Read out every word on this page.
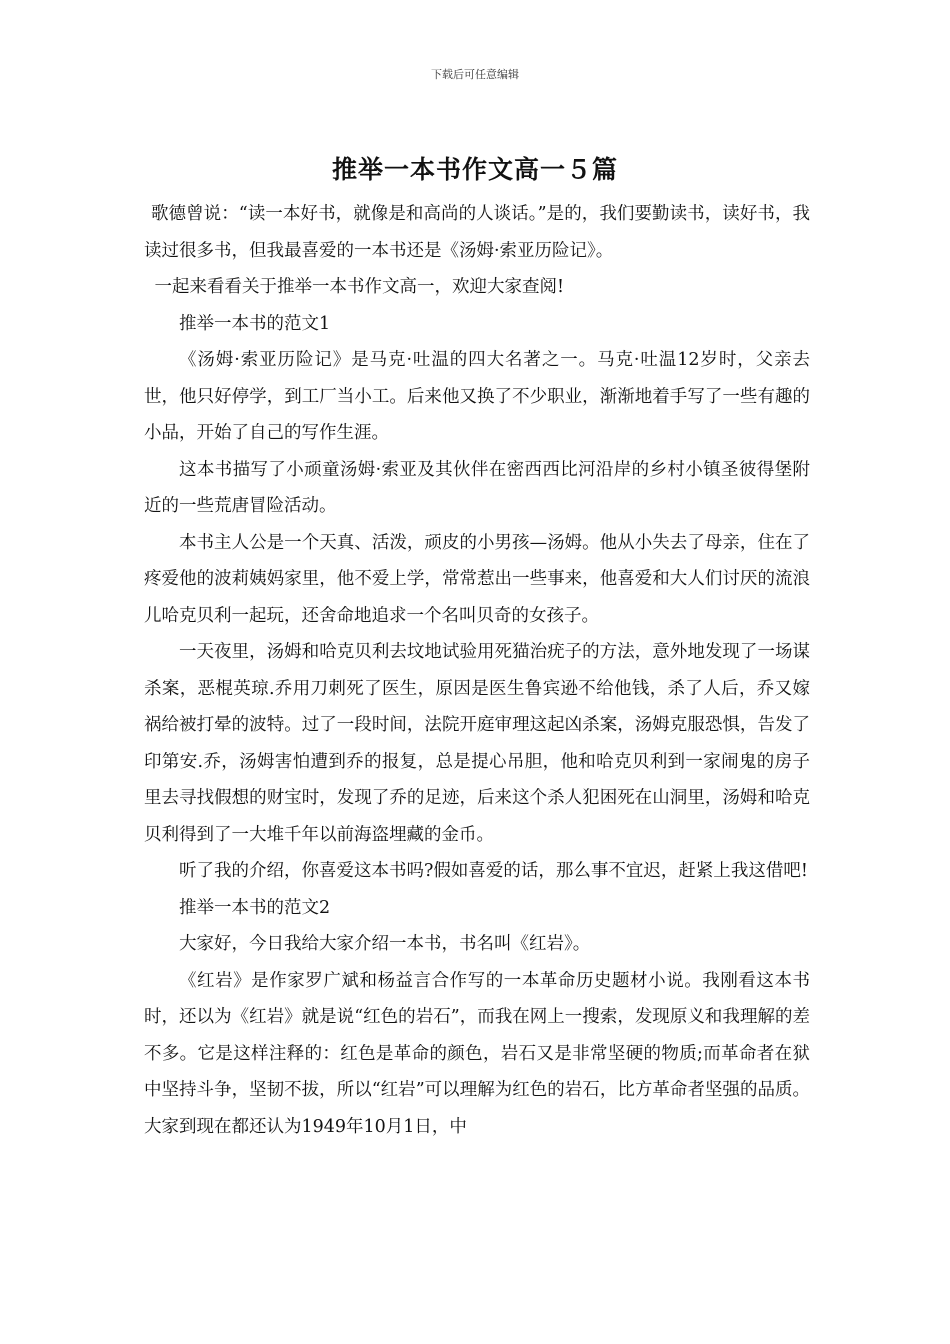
下载后可任意编辑
推举一本书作文高一５篇

歌德曾说：“读一本好书，就像是和高尚的人谈话。”是的，我们要勤读书，读好书，我读过很多书，但我最喜爱的一本书还是《汤姆·索亚历险记》。

一起来看看关于推举一本书作文高一，欢迎大家查阅!

推举一本书的范文1

《汤姆·索亚历险记》是马克·吐温的四大名著之一。马克·吐温12岁时，父亲去世，他只好停学，到工厂当小工。后来他又换了不少职业，渐渐地着手写了一些有趣的小品，开始了自己的写作生涯。

这本书描写了小顽童汤姆·索亚及其伙伴在密西西比河沿岸的乡村小镇圣彼得堡附近的一些荒唐冒险活动。

本书主人公是一个天真、活泼，顽皮的小男孩—汤姆。他从小失去了母亲，住在了疼爱他的波莉姨妈家里，他不爱上学，常常惹出一些事来，他喜爱和大人们讨厌的流浪儿哈克贝利一起玩，还舍命地追求一个名叫贝奇的女孩子。

一天夜里，汤姆和哈克贝利去坟地试验用死猫治疣子的方法，意外地发现了一场谋杀案，恶棍英琼.乔用刀刺死了医生，原因是医生鲁宾逊不给他钱，杀了人后，乔又嫁祸给被打晕的波特。过了一段时间，法院开庭审理这起凶杀案，汤姆克服恐惧，告发了印第安.乔，汤姆害怕遭到乔的报复，总是提心吊胆，他和哈克贝利到一家闹鬼的房子里去寻找假想的财宝时，发现了乔的足迹，后来这个杀人犯困死在山洞里，汤姆和哈克贝利得到了一大堆千年以前海盗埋藏的金币。

听了我的介绍，你喜爱这本书吗?假如喜爱的话，那么事不宜迟，赶紧上我这借吧!

推举一本书的范文2

大家好，今日我给大家介绍一本书，书名叫《红岩》。

《红岩》是作家罗广斌和杨益言合作写的一本革命历史题材小说。我刚看这本书时，还以为《红岩》就是说“红色的岩石”，而我在网上一搜索，发现原义和我理解的差不多。它是这样注释的：红色是革命的颜色，岩石又是非常坚硬的物质;而革命者在狱中坚持斗争，坚韧不拔，所以“红岩”可以理解为红色的岩石，比方革命者坚强的品质。大家到现在都还认为1949年10月1日，中
